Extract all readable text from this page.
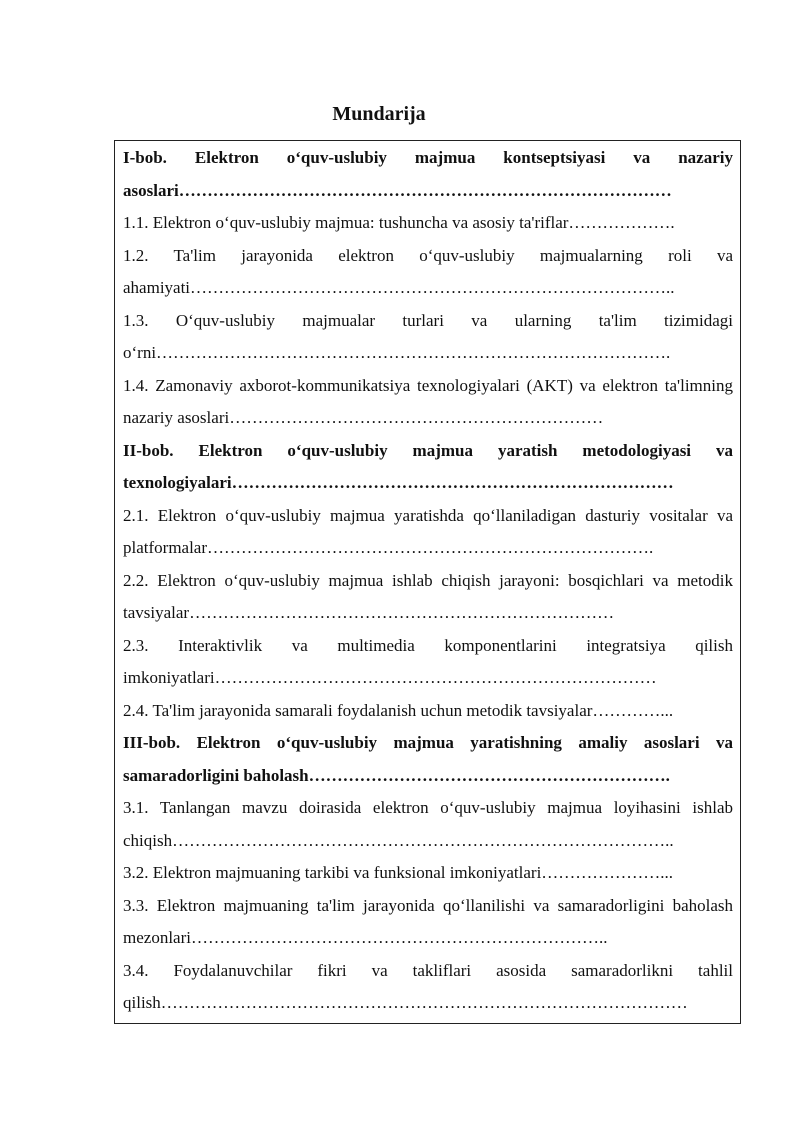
Mundarija
I-bob. Elektron o‘quv-uslubiy majmua kontseptsiyasi va nazariy asoslari……………………………………………………………………………
1.1. Elektron o‘quv-uslubiy majmua: tushuncha va asosiy ta'riflar……………….
1.2. Ta'lim jarayonida elektron o‘quv-uslubiy majmualarning roli va ahamiyati…………………………………………………………………………..
1.3. O‘quv-uslubiy majmualar turlari va ularning ta'lim tizimidagi o‘rni……………………………………………………………………………….
1.4. Zamonaviy axborot-kommunikatsiya texnologiyalari (AKT) va elektron ta'limning nazariy asoslari…………………………………………………………
II-bob. Elektron o‘quv-uslubiy majmua yaratish metodologiyasi va texnologiyalari……………………………………………………………………
2.1. Elektron o‘quv-uslubiy majmua yaratishda qo‘llaniladigan dasturiy vositalar va platformalar…………………………………………………………………….
2.2. Elektron o‘quv-uslubiy majmua ishlab chiqish jarayoni: bosqichlari va metodik tavsiyalar…………………………………………………………………
2.3. Interaktivlik va multimedia komponentlarini integratsiya qilish imkoniyatlari……………………………………………………………………
2.4. Ta'lim jarayonida samarali foydalanish uchun metodik tavsiyalar…………...
III-bob. Elektron o‘quv-uslubiy majmua yaratishning amaliy asoslari va samaradorligini baholash……………………………………………………….
3.1. Tanlangan mavzu doirasida elektron o‘quv-uslubiy majmua loyihasini ishlab chiqish……………………………………………………………………………..
3.2. Elektron majmuaning tarkibi va funksional imkoniyatlari…………………...
3.3. Elektron majmuaning ta'lim jarayonida qo‘llanilishi va samaradorligini baholash mezonlari………………………………………………………………..
3.4. Foydalanuvchilar fikri va takliflari asosida samaradorlikni tahlil qilish…………………………………………………………………………………
